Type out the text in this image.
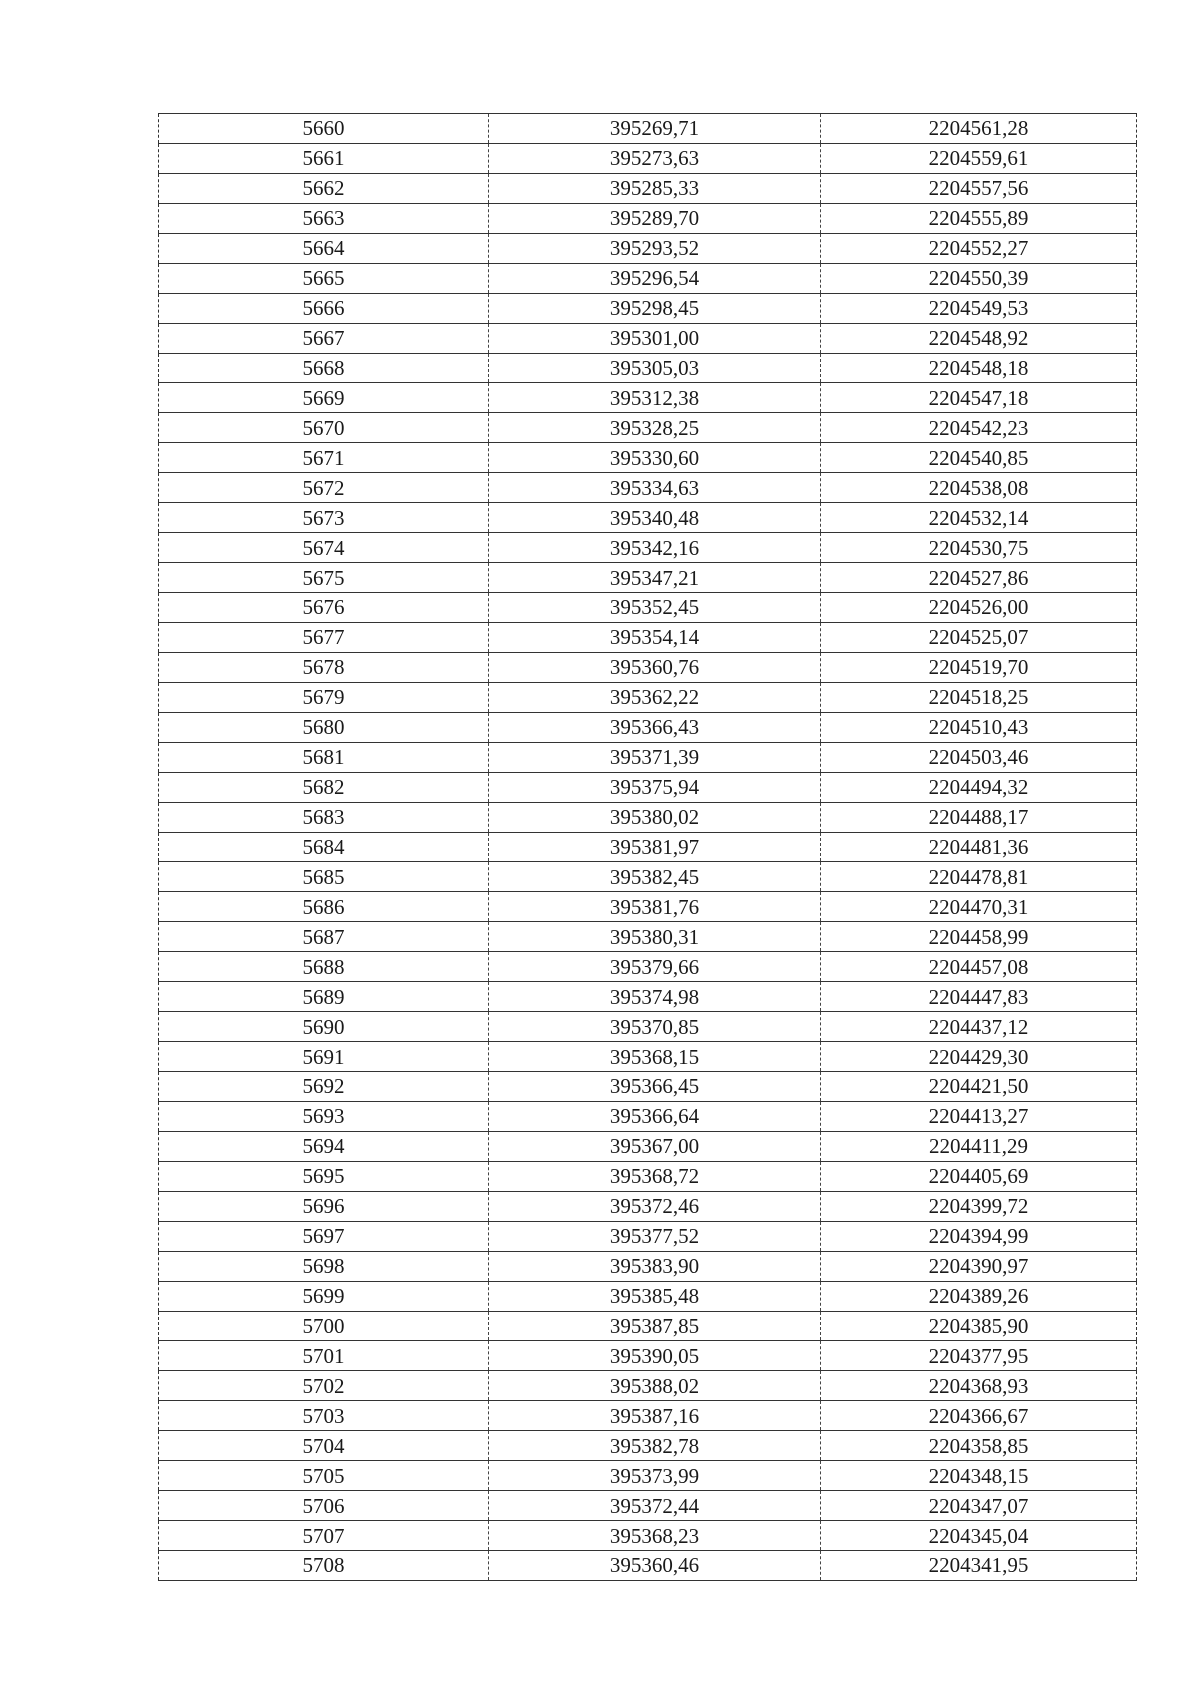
5660	395269,71	2204561,28
5661	395273,63	2204559,61
5662	395285,33	2204557,56
5663	395289,70	2204555,89
5664	395293,52	2204552,27
5665	395296,54	2204550,39
5666	395298,45	2204549,53
5667	395301,00	2204548,92
5668	395305,03	2204548,18
5669	395312,38	2204547,18
5670	395328,25	2204542,23
5671	395330,60	2204540,85
5672	395334,63	2204538,08
5673	395340,48	2204532,14
5674	395342,16	2204530,75
5675	395347,21	2204527,86
5676	395352,45	2204526,00
5677	395354,14	2204525,07
5678	395360,76	2204519,70
5679	395362,22	2204518,25
5680	395366,43	2204510,43
5681	395371,39	2204503,46
5682	395375,94	2204494,32
5683	395380,02	2204488,17
5684	395381,97	2204481,36
5685	395382,45	2204478,81
5686	395381,76	2204470,31
5687	395380,31	2204458,99
5688	395379,66	2204457,08
5689	395374,98	2204447,83
5690	395370,85	2204437,12
5691	395368,15	2204429,30
5692	395366,45	2204421,50
5693	395366,64	2204413,27
5694	395367,00	2204411,29
5695	395368,72	2204405,69
5696	395372,46	2204399,72
5697	395377,52	2204394,99
5698	395383,90	2204390,97
5699	395385,48	2204389,26
5700	395387,85	2204385,90
5701	395390,05	2204377,95
5702	395388,02	2204368,93
5703	395387,16	2204366,67
5704	395382,78	2204358,85
5705	395373,99	2204348,15
5706	395372,44	2204347,07
5707	395368,23	2204345,04
5708	395360,46	2204341,95
